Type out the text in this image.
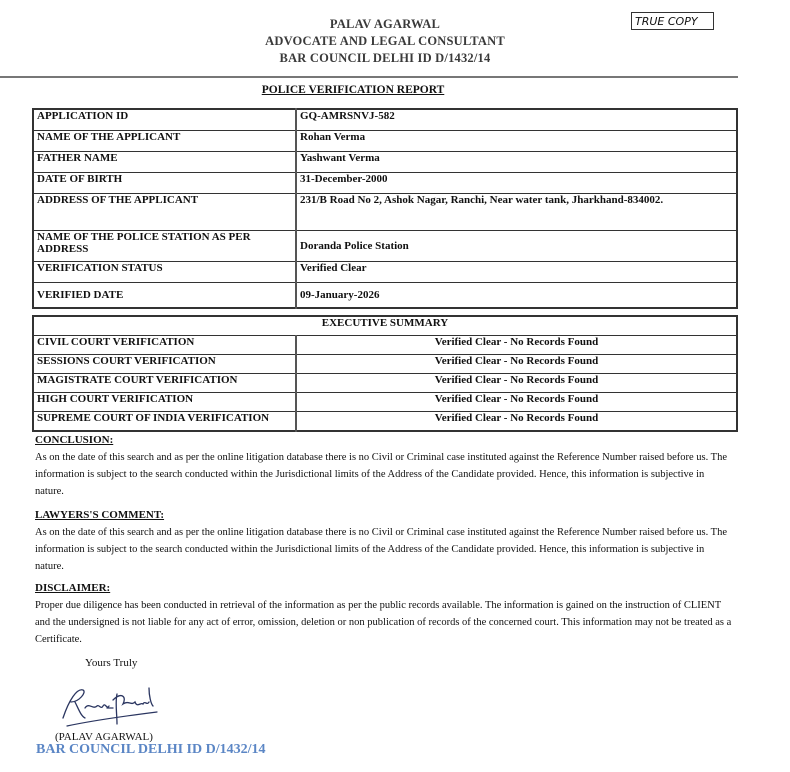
PALAV AGARWAL
ADVOCATE AND LEGAL CONSULTANT
BAR COUNCIL DELHI ID D/1432/14
TRUE COPY
POLICE VERIFICATION REPORT
APPLICATION ID	GQ-AMRSNVJ-582
NAME OF THE APPLICANT	Rohan Verma
FATHER NAME	Yashwant Verma
DATE OF BIRTH	31-December-2000
ADDRESS OF THE APPLICANT	231/B Road No 2, Ashok Nagar, Ranchi, Near water tank, Jharkhand-834002.
NAME OF THE POLICE STATION AS PER ADDRESS	Doranda Police Station
VERIFICATION STATUS	Verified Clear
VERIFIED DATE	09-January-2026
EXECUTIVE SUMMARY	
CIVIL COURT VERIFICATION	Verified Clear - No Records Found
SESSIONS COURT VERIFICATION	Verified Clear - No Records Found
MAGISTRATE COURT VERIFICATION	Verified Clear - No Records Found
HIGH COURT VERIFICATION	Verified Clear - No Records Found
SUPREME COURT OF INDIA VERIFICATION	Verified Clear - No Records Found
CONCLUSION:
As on the date of this search and as per the online litigation database there is no Civil or Criminal case instituted against the Reference Number raised before us. The information is subject to the search conducted within the Jurisdictional limits of the Address of the Candidate provided. Hence, this information is subjective in nature.
LAWYERS'S COMMENT:
As on the date of this search and as per the online litigation database there is no Civil or Criminal case instituted against the Reference Number raised before us. The information is subject to the search conducted within the Jurisdictional limits of the Address of the Candidate provided. Hence, this information is subjective in nature.
DISCLAIMER:
Proper due diligence has been conducted in retrieval of the information as per the public records available. The information is gained on the instruction of CLIENT and the undersigned is not liable for any act of error, omission, deletion or non publication of records of the concerned court. This information may not be treated as a Certificate.
Yours Truly
(PALAV AGARWAL)
BAR COUNCIL DELHI ID D/1432/14
